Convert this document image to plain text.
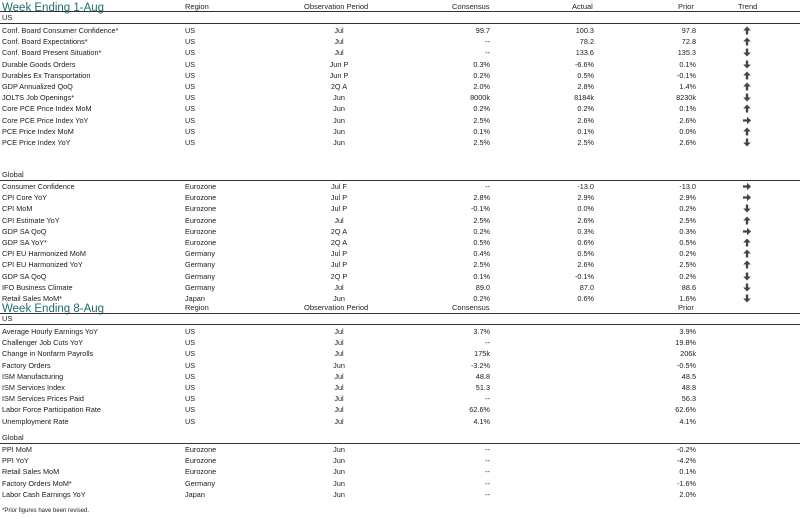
Week Ending 1-Aug	Region	Observation Period	Consensus	Actual	Prior	Trend
US
Conf. Board Consumer Confidence*	US	Jul	99.7	100.3	97.8
Conf. Board Expectations*	US	Jul	--	78.2	72.8
Conf. Board Present Situation*	US	Jul	--	133.6	135.3
Durable Goods Orders	US	Jun P	0.3%	-6.6%	0.1%
Durables Ex Transportation	US	Jun P	0.2%	0.5%	-0.1%
GDP Annualized QoQ	US	2Q A	2.0%	2.8%	1.4%
JOLTS Job Openings*	US	Jun	8000k	8184k	8230k
Core PCE Price Index MoM	US	Jun	0.2%	0.2%	0.1%
Core PCE Price Index YoY	US	Jun	2.5%	2.6%	2.6%
PCE Price Index MoM	US	Jun	0.1%	0.1%	0.0%
PCE Price Index YoY	US	Jun	2.5%	2.5%	2.6%
Global
Consumer Confidence	Eurozone	Jul F	--	-13.0	-13.0
CPI Core YoY	Eurozone	Jul P	2.8%	2.9%	2.9%
CPI MoM	Eurozone	Jul P	-0.1%	0.0%	0.2%
CPI Estimate YoY	Eurozone	Jul	2.5%	2.6%	2.5%
GDP SA QoQ	Eurozone	2Q A	0.2%	0.3%	0.3%
GDP SA YoY*	Eurozone	2Q A	0.5%	0.6%	0.5%
CPI EU Harmonized MoM	Germany	Jul P	0.4%	0.5%	0.2%
CPI EU Harmonized YoY	Germany	Jul P	2.5%	2.6%	2.5%
GDP SA QoQ	Germany	2Q P	0.1%	-0.1%	0.2%
IFO Business Climate	Germany	Jul	89.0	87.0	88.6
Retail Sales MoM*	Japan	Jun	0.2%	0.6%	1.6%
Week Ending 8-Aug	Region	Observation Period	Consensus	Prior
US
Average Hourly Earnings YoY	US	Jul	3.7%	3.9%
Challenger Job Cuts YoY	US	Jul	--	19.8%
Change in Nonfarm Payrolls	US	Jul	175k	206k
Factory Orders	US	Jun	-3.2%	-0.5%
ISM Manufacturing	US	Jul	48.8	48.5
ISM Services Index	US	Jul	51.3	48.8
ISM Services Prices Paid	US	Jul	--	56.3
Labor Force Participation Rate	US	Jul	62.6%	62.6%
Unemployment Rate	US	Jul	4.1%	4.1%
Global
PPI MoM	Eurozone	Jun	--	-0.2%
PPI YoY	Eurozone	Jun	--	-4.2%
Retail Sales MoM	Eurozone	Jun	--	0.1%
Factory Orders MoM*	Germany	Jun	--	-1.6%
Labor Cash Earnings YoY	Japan	Jun	--	2.0%
*Prior figures have been revised.
